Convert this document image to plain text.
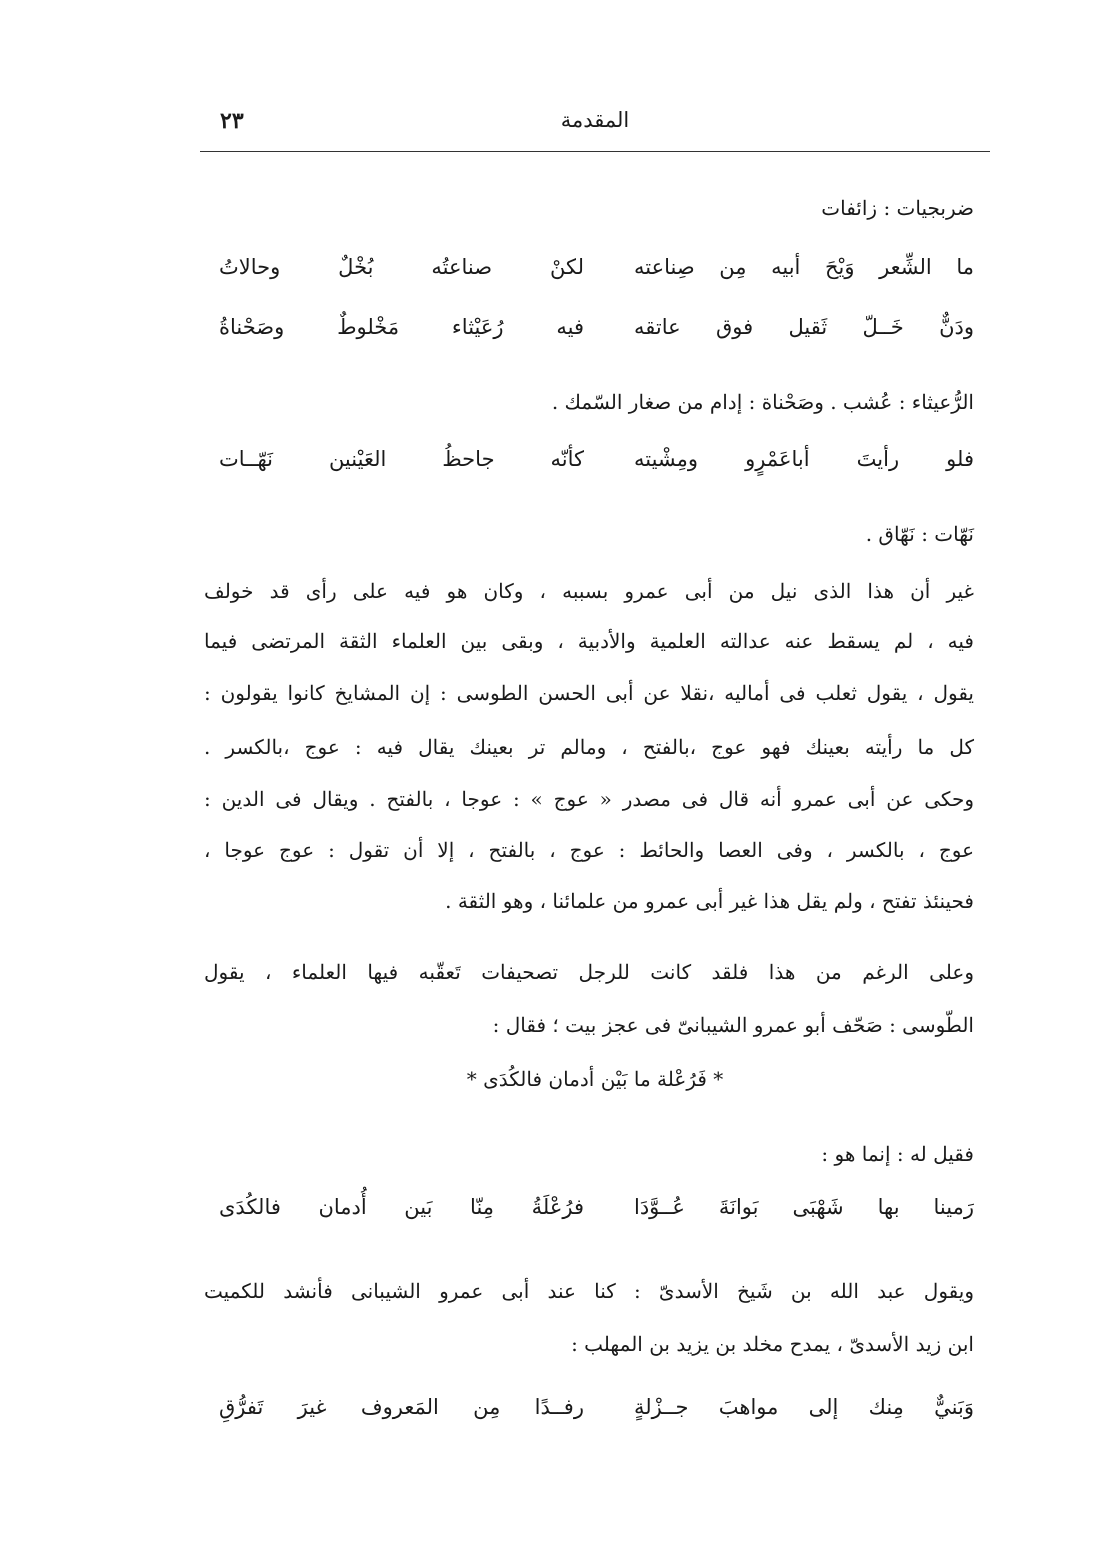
المقدمة
٢٣
ضربجيات : زائفات
ما الشِّعر وَيْحَ أبيه مِن صِناعته
لكنْ صناعتُه بُخْلٌ وحالاتُ
ودَنٌّ خَــلّ ثَقيل فوق عاتقه
فيه رُعَيْثاء مَخْلوطٌ وصَحْناةُ
الرُّعيثاء : عُشب . وصَحْناة : إدام من صغار السّمك .
فلو رأيتَ أباعَمْرٍو ومِشْيته
كأنّه جاحظُ العَيْنين نَهّــات
نَهّات : نَهّاق .
غير أن هذا الذى نيل من أبى عمرو بسببه ، وكان هو فيه على رأى قد خولف
فيه ، لم يسقط عنه عدالته العلمية والأدبية ، وبقى بين العلماء الثقة المرتضى فيما
يقول ، يقول ثعلب فى أماليه ،نقلا عن أبى الحسن الطوسى : إن المشايخ كانوا يقولون :
كل ما رأيته بعينك فهو عوج ،بالفتح ، ومالم تر بعينك يقال فيه : عوج ،بالكسر .
وحكى عن أبى عمرو أنه قال فى مصدر « عوج » : عوجا ، بالفتح . ويقال فى الدين :
عوج ، بالكسر ، وفى العصا والحائط : عوج ، بالفتح ، إلا أن تقول : عوج عوجا ،
فحينئذ تفتح ، ولم يقل هذا غير أبى عمرو من علمائنا ، وهو الثقة .
وعلى الرغم من هذا فلقد كانت للرجل تصحيفات تَعقّبه فيها العلماء ، يقول
الطّوسى : صَحّف أبو عمرو الشيبانىّ فى عجز بيت ؛ فقال :
* فَرُعْلة ما بَيْن أدمان فالكُدَى *
فقيل له : إنما هو :
رَمينا بها شَهْبَى بَوانَةَ عُــوَّدَا
فرُعْلَةُ مِنّا بَين أُدمان فالكُدَى
ويقول عبد الله بن شَيخ الأسدىّ : كنا عند أبى عمرو الشيبانى فأنشد للكميت
ابن زيد الأسدىّ ، يمدح مخلد بن يزيد بن المهلب :
وَبَنيٌّ مِنك إلى مواهبَ جــزْلةٍ
رفــدًا مِن المَعروف غيرَ تَفرُّقِ
